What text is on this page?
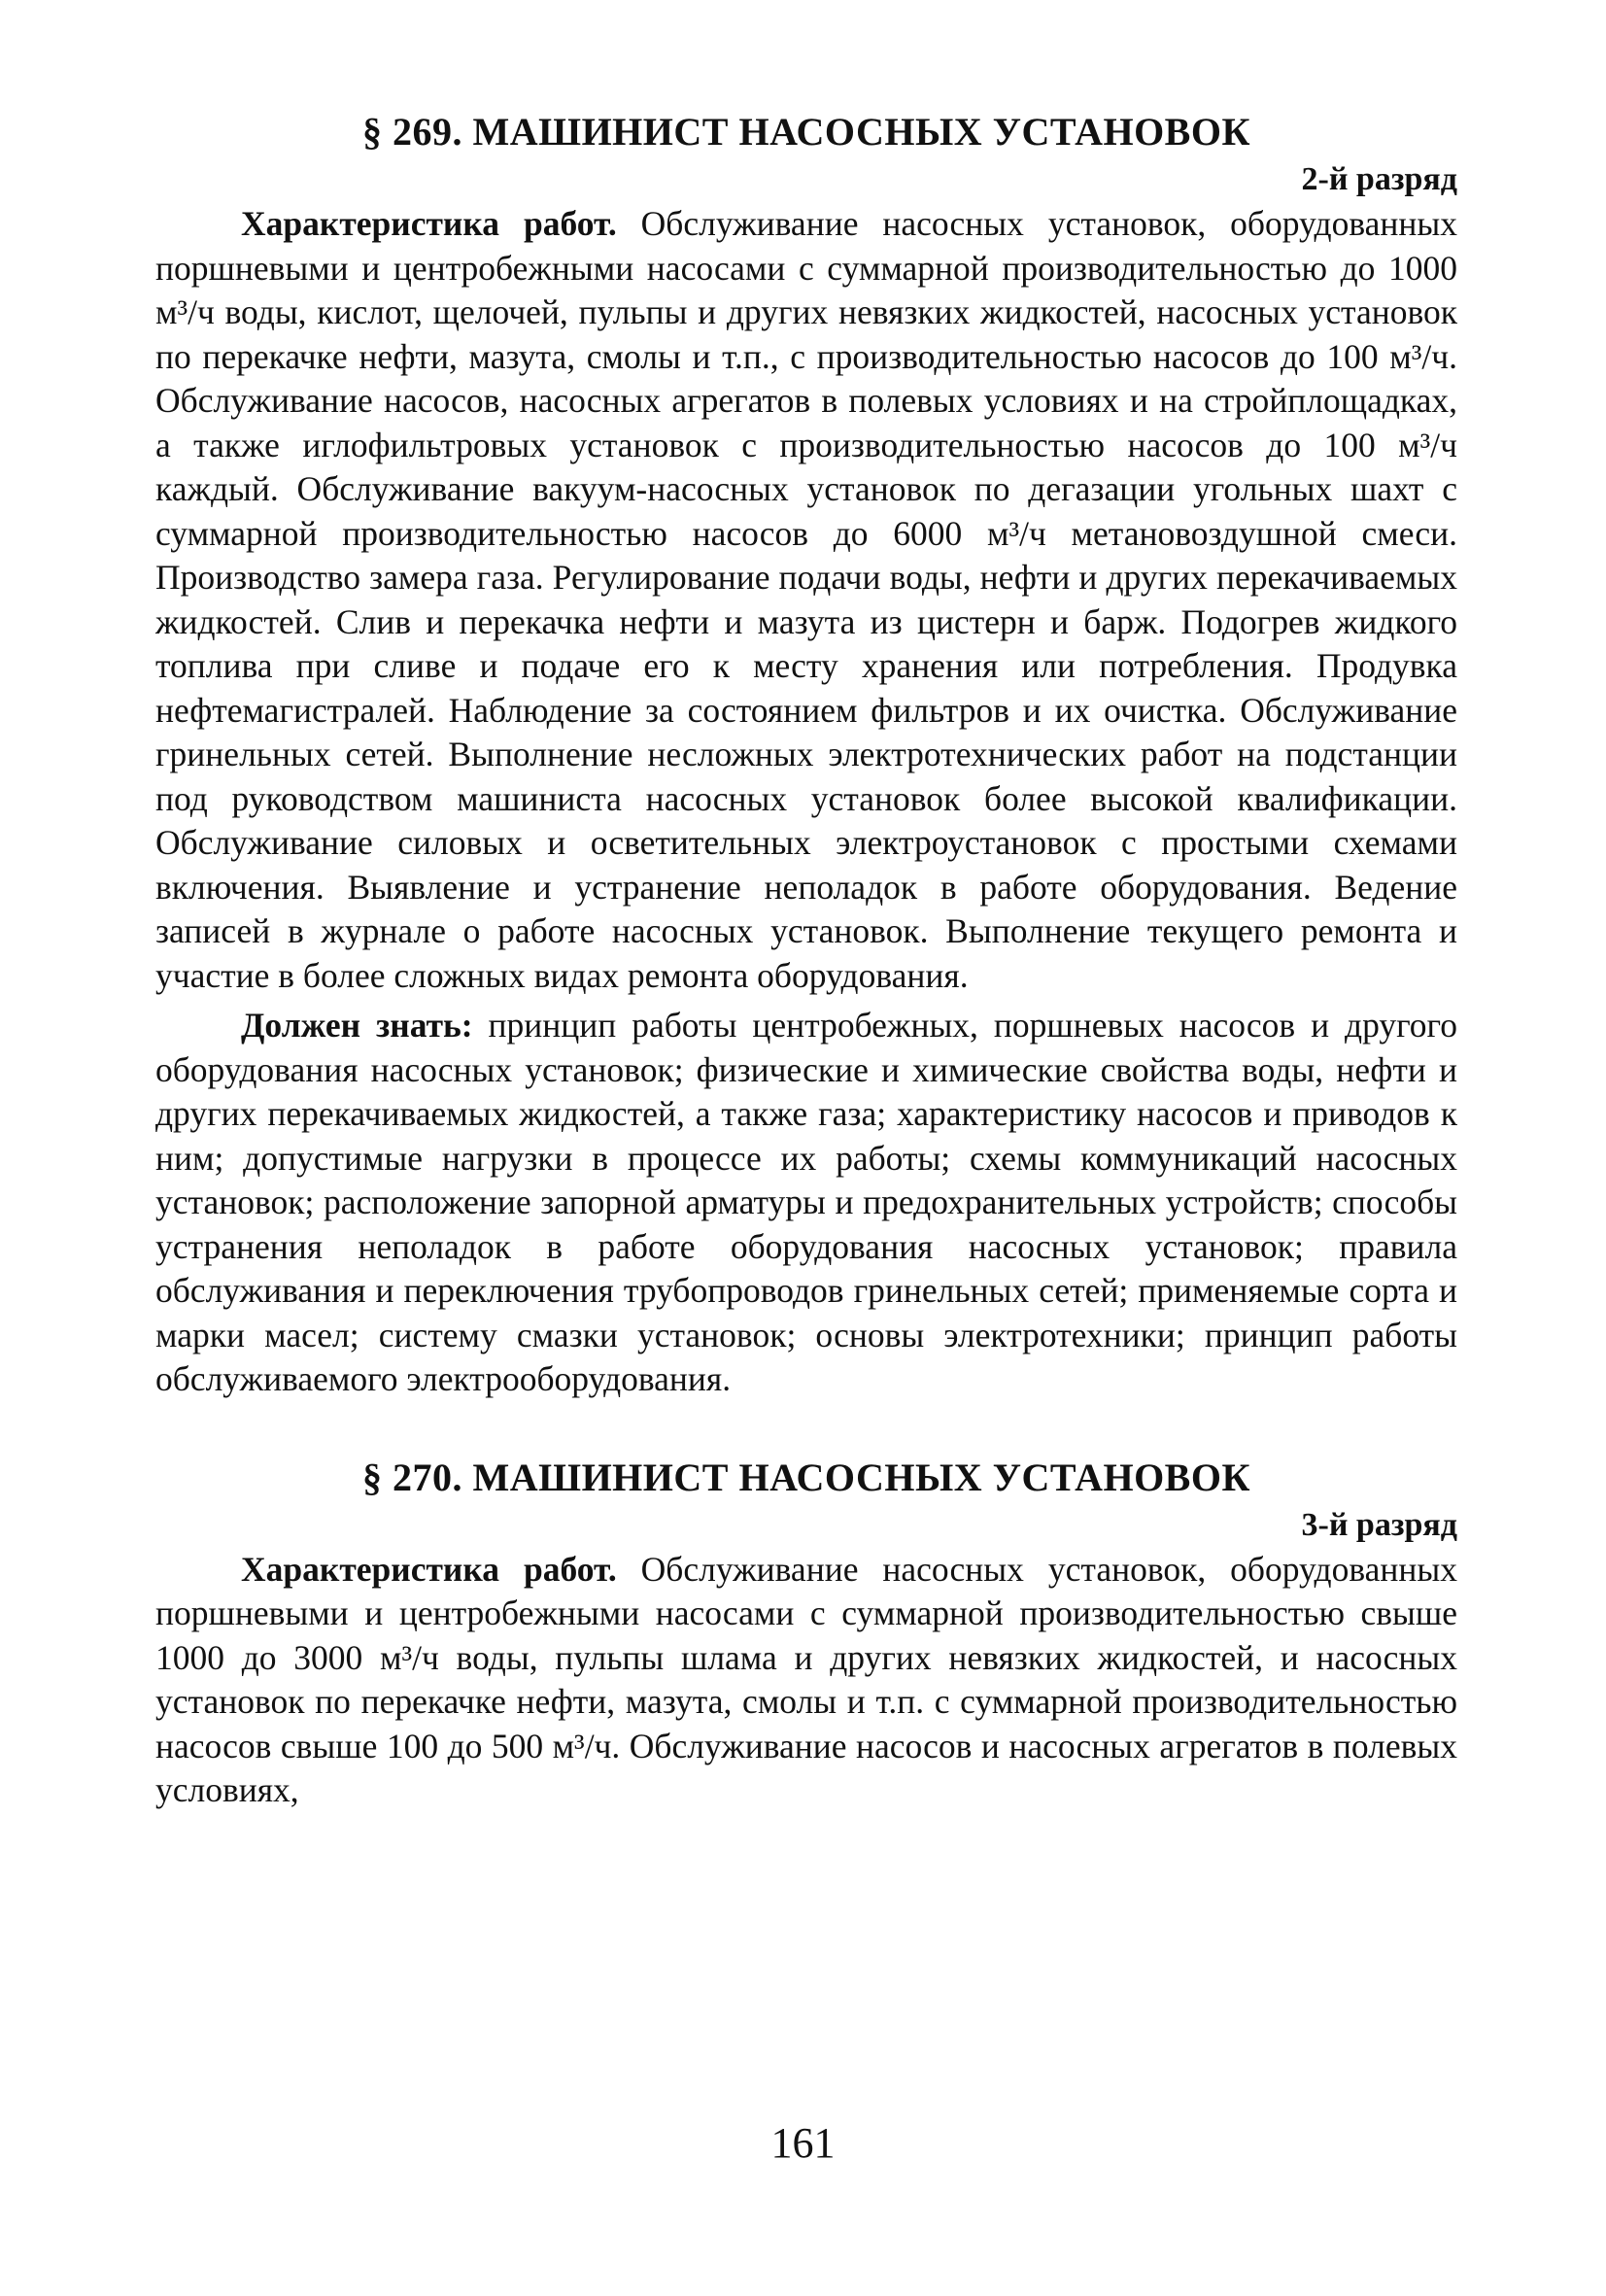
§ 269. МАШИНИСТ НАСОСНЫХ УСТАНОВОК

2-й разряд

Характеристика работ. Обслуживание насосных установок, оборудованных поршневыми и центробежными насосами с суммарной производительностью до 1000 м³/ч воды, кислот, щелочей, пульпы и других невязких жидкостей, насосных установок по перекачке нефти, мазута, смолы и т.п., с производительностью насосов до 100 м³/ч. Обслуживание насосов, насосных агрегатов в полевых условиях и на стройплощадках, а также иглофильтровых установок с производительностью насосов до 100 м³/ч каждый. Обслуживание вакуум-насосных установок по дегазации угольных шахт с суммарной производительностью насосов до 6000 м³/ч метановоздушной смеси. Производство замера газа. Регулирование подачи воды, нефти и других перекачиваемых жидкостей. Слив и перекачка нефти и мазута из цистерн и барж. Подогрев жидкого топлива при сливе и подаче его к месту хранения или потребления. Продувка нефтемагистралей. Наблюдение за состоянием фильтров и их очистка. Обслуживание гринельных сетей. Выполнение несложных электротехнических работ на подстанции под руководством машиниста насосных установок более высокой квалификации. Обслуживание силовых и осветительных электроустановок с простыми схемами включения. Выявление и устранение неполадок в работе оборудования. Ведение записей в журнале о работе насосных установок. Выполнение текущего ремонта и участие в более сложных видах ремонта оборудования.

Должен знать: принцип работы центробежных, поршневых насосов и другого оборудования насосных установок; физические и химические свойства воды, нефти и других перекачиваемых жидкостей, а также газа; характеристику насосов и приводов к ним; допустимые нагрузки в процессе их работы; схемы коммуникаций насосных установок; расположение запорной арматуры и предохранительных устройств; способы устранения неполадок в работе оборудования насосных установок; правила обслуживания и переключения трубопроводов гринельных сетей; применяемые сорта и марки масел; систему смазки установок; основы электротехники; принцип работы обслуживаемого электрооборудования.

§ 270. МАШИНИСТ НАСОСНЫХ УСТАНОВОК

3-й разряд

Характеристика работ. Обслуживание насосных установок, оборудованных поршневыми и центробежными насосами с суммарной производительностью свыше 1000 до 3000 м³/ч воды, пульпы шлама и других невязких жидкостей, и насосных установок по перекачке нефти, мазута, смолы и т.п. с суммарной производительностью насосов свыше 100 до 500 м³/ч. Обслуживание насосов и насосных агрегатов в полевых условиях,

161
